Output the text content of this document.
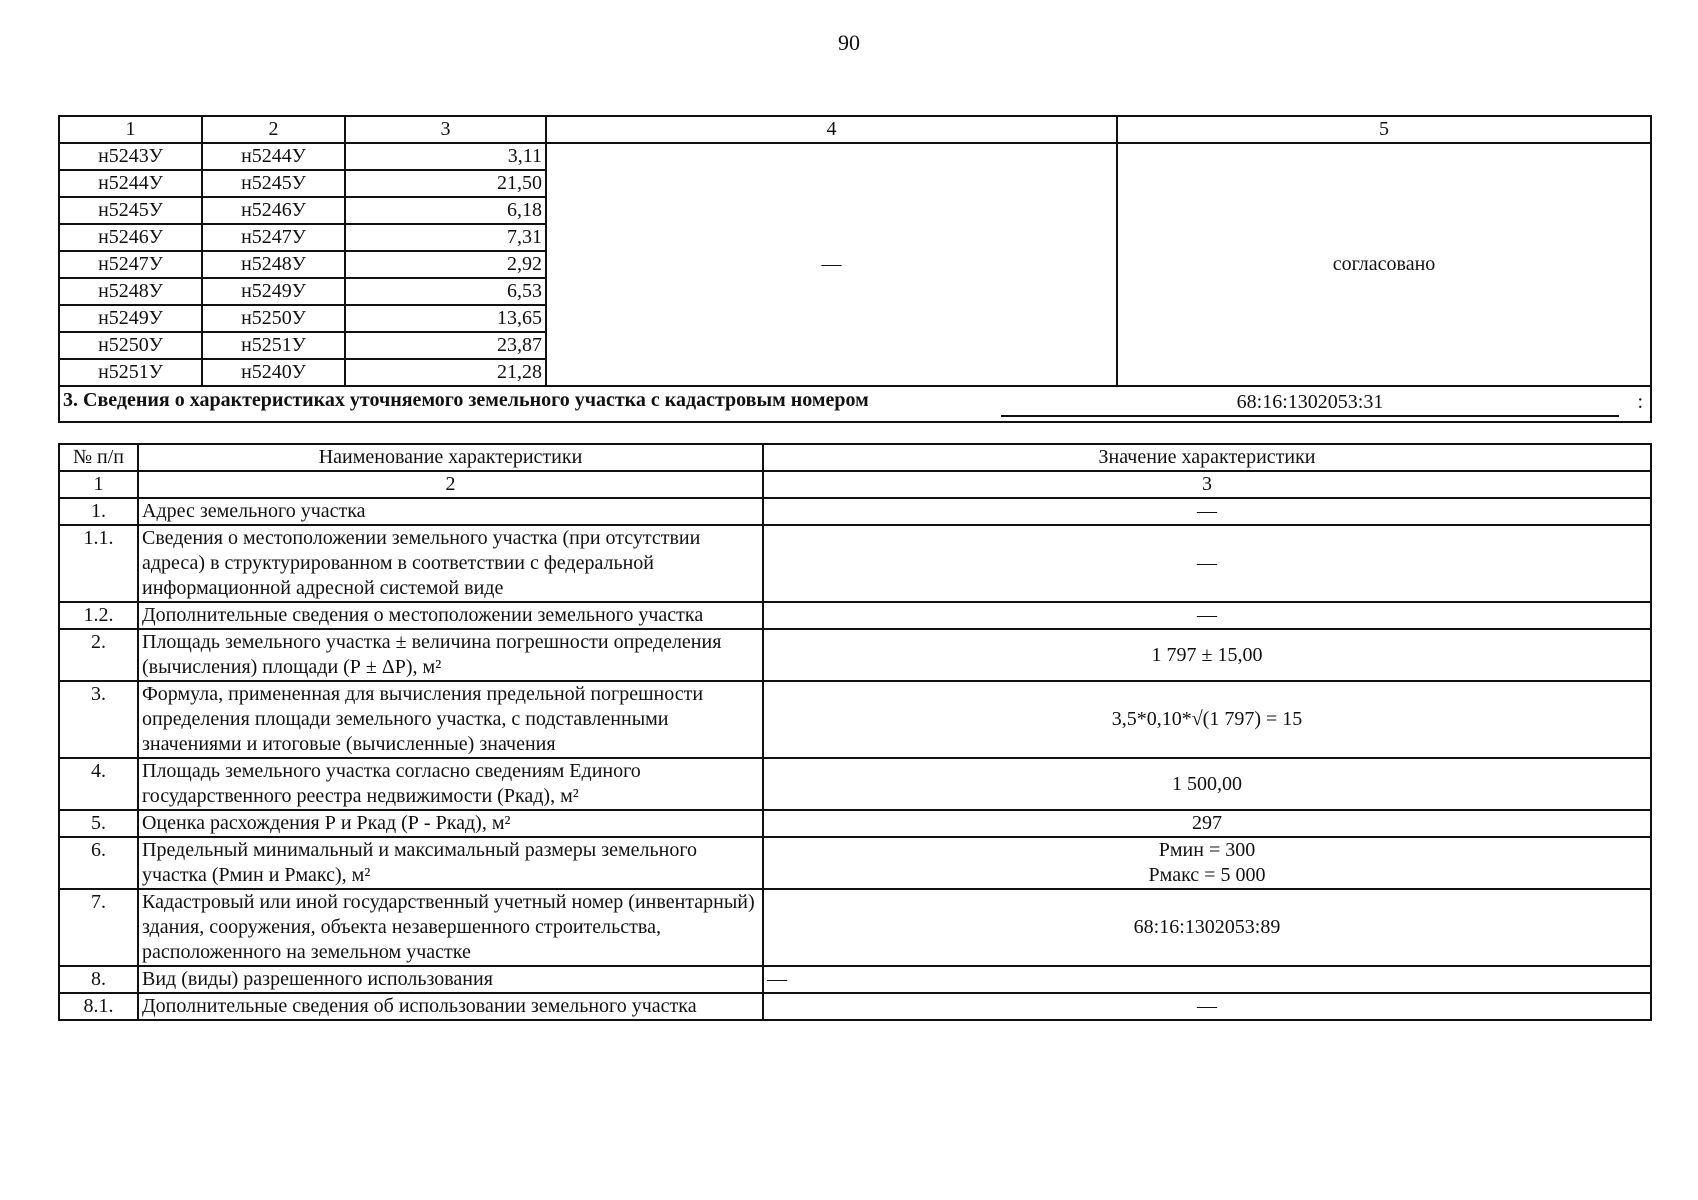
90
1	2	3	4	5
н5243У	н5244У	3,11	—	согласовано
н5244У	н5245У	21,50		
н5245У	н5246У	6,18		
н5246У	н5247У	7,31		
н5247У	н5248У	2,92		
н5248У	н5249У	6,53		
н5249У	н5250У	13,65		
н5250У	н5251У	23,87		
н5251У	н5240У	21,28		

3. Сведения о характеристиках уточняемого земельного участка с кадастровым номером 68:16:1302053:31 :				
№ п/п	Наименование характеристики	Значение характеристики
1	2	3
1.	Адрес земельного участка	—
1.1.	Сведения о местоположении земельного участка (при отсутствии адреса) в структурированном в соответствии с федеральной информационной адресной системой виде	—
1.2.	Дополнительные сведения о местоположении земельного участка	—
2.	Площадь земельного участка ± величина погрешности определения (вычисления) площади (Р ± ΔР), м²	1 797 ± 15,00
3.	Формула, примененная для вычисления предельной погрешности определения площади земельного участка, с подставленными значениями и итоговые (вычисленные) значения	3,5*0,10*√(1 797) = 15
4.	Площадь земельного участка согласно сведениям Единого государственного реестра недвижимости (Ркад), м²	1 500,00
5.	Оценка расхождения Р и Ркад (Р - Ркад), м²	297
6.	Предельный минимальный и максимальный размеры земельного участка (Рмин и Рмакс), м²	Рмин = 300
Рмакс = 5 000

7.	Кадастровый или иной государственный учетный номер (инвентарный) здания, сооружения, объекта незавершенного строительства, расположенного на земельном участке	68:16:1302053:89
8.	Вид (виды) разрешенного использования	—
8.1.	Дополнительные сведения об использовании земельного участка	—
